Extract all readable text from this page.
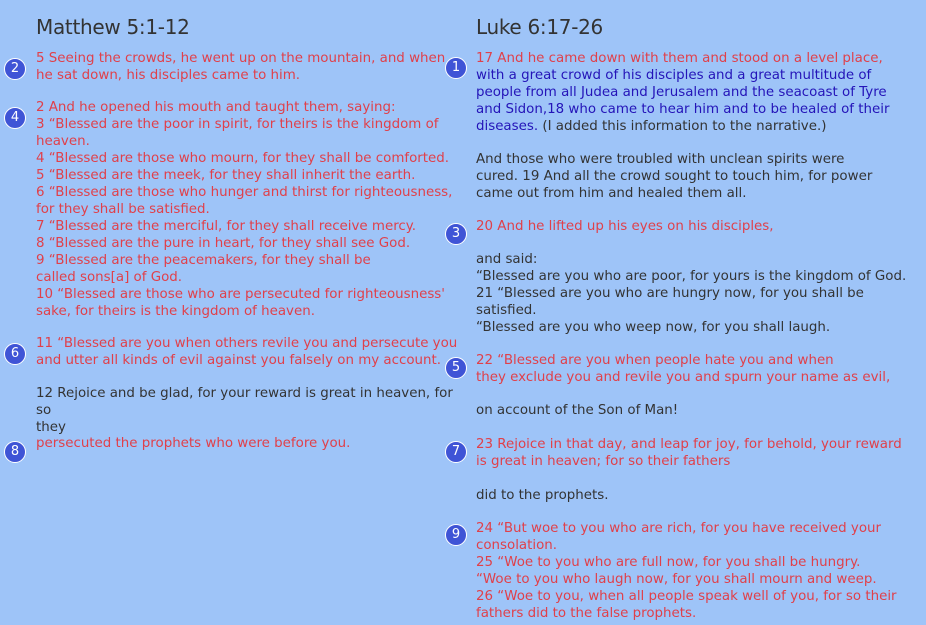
Matthew 5:1-12
2
5 Seeing the crowds, he went up on the mountain, and when
he sat down, his disciples came to him.
4
2 And he opened his mouth and taught them, saying:
3 “Blessed are the poor in spirit, for theirs is the kingdom of
heaven.
4 “Blessed are those who mourn, for they shall be comforted.
5 “Blessed are the meek, for they shall inherit the earth.
6 “Blessed are those who hunger and thirst for righteousness,
for they shall be satisfied.
7 “Blessed are the merciful, for they shall receive mercy.
8 “Blessed are the pure in heart, for they shall see God.
9 “Blessed are the peacemakers, for they shall be
called sons[a] of God.
10 “Blessed are those who are persecuted for righteousness'
sake, for theirs is the kingdom of heaven.
6
11 “Blessed are you when others revile you and persecute you
and utter all kinds of evil against you falsely on my account.
12 Rejoice and be glad, for your reward is great in heaven, for so
they
8
persecuted the prophets who were before you.
Luke 6:17-26
1
17 And he came down with them and stood on a level place,
with a great crowd of his disciples and a great multitude of
people from all Judea and Jerusalem and the seacoast of Tyre
and Sidon,18 who came to hear him and to be healed of their
diseases. (I added this information to the narrative.)
And those who were troubled with unclean spirits were
cured. 19 And all the crowd sought to touch him, for power
came out from him and healed them all.
3	20 And he lifted up his eyes on his disciples,
and said:
“Blessed are you who are poor, for yours is the kingdom of God.
21 “Blessed are you who are hungry now, for you shall be
satisfied.
“Blessed are you who weep now, for you shall laugh.
5	22 “Blessed are you when people hate you and when
they exclude you and revile you and spurn your name as evil,
on account of the Son of Man!
7	23 Rejoice in that day, and leap for joy, for behold, your reward
is great in heaven; for so their fathers
did to the prophets.
9	24 “But woe to you who are rich, for you have received your
consolation.
25 “Woe to you who are full now, for you shall be hungry.
“Woe to you who laugh now, for you shall mourn and weep.
26 “Woe to you, when all people speak well of you, for so their
fathers did to the false prophets.
